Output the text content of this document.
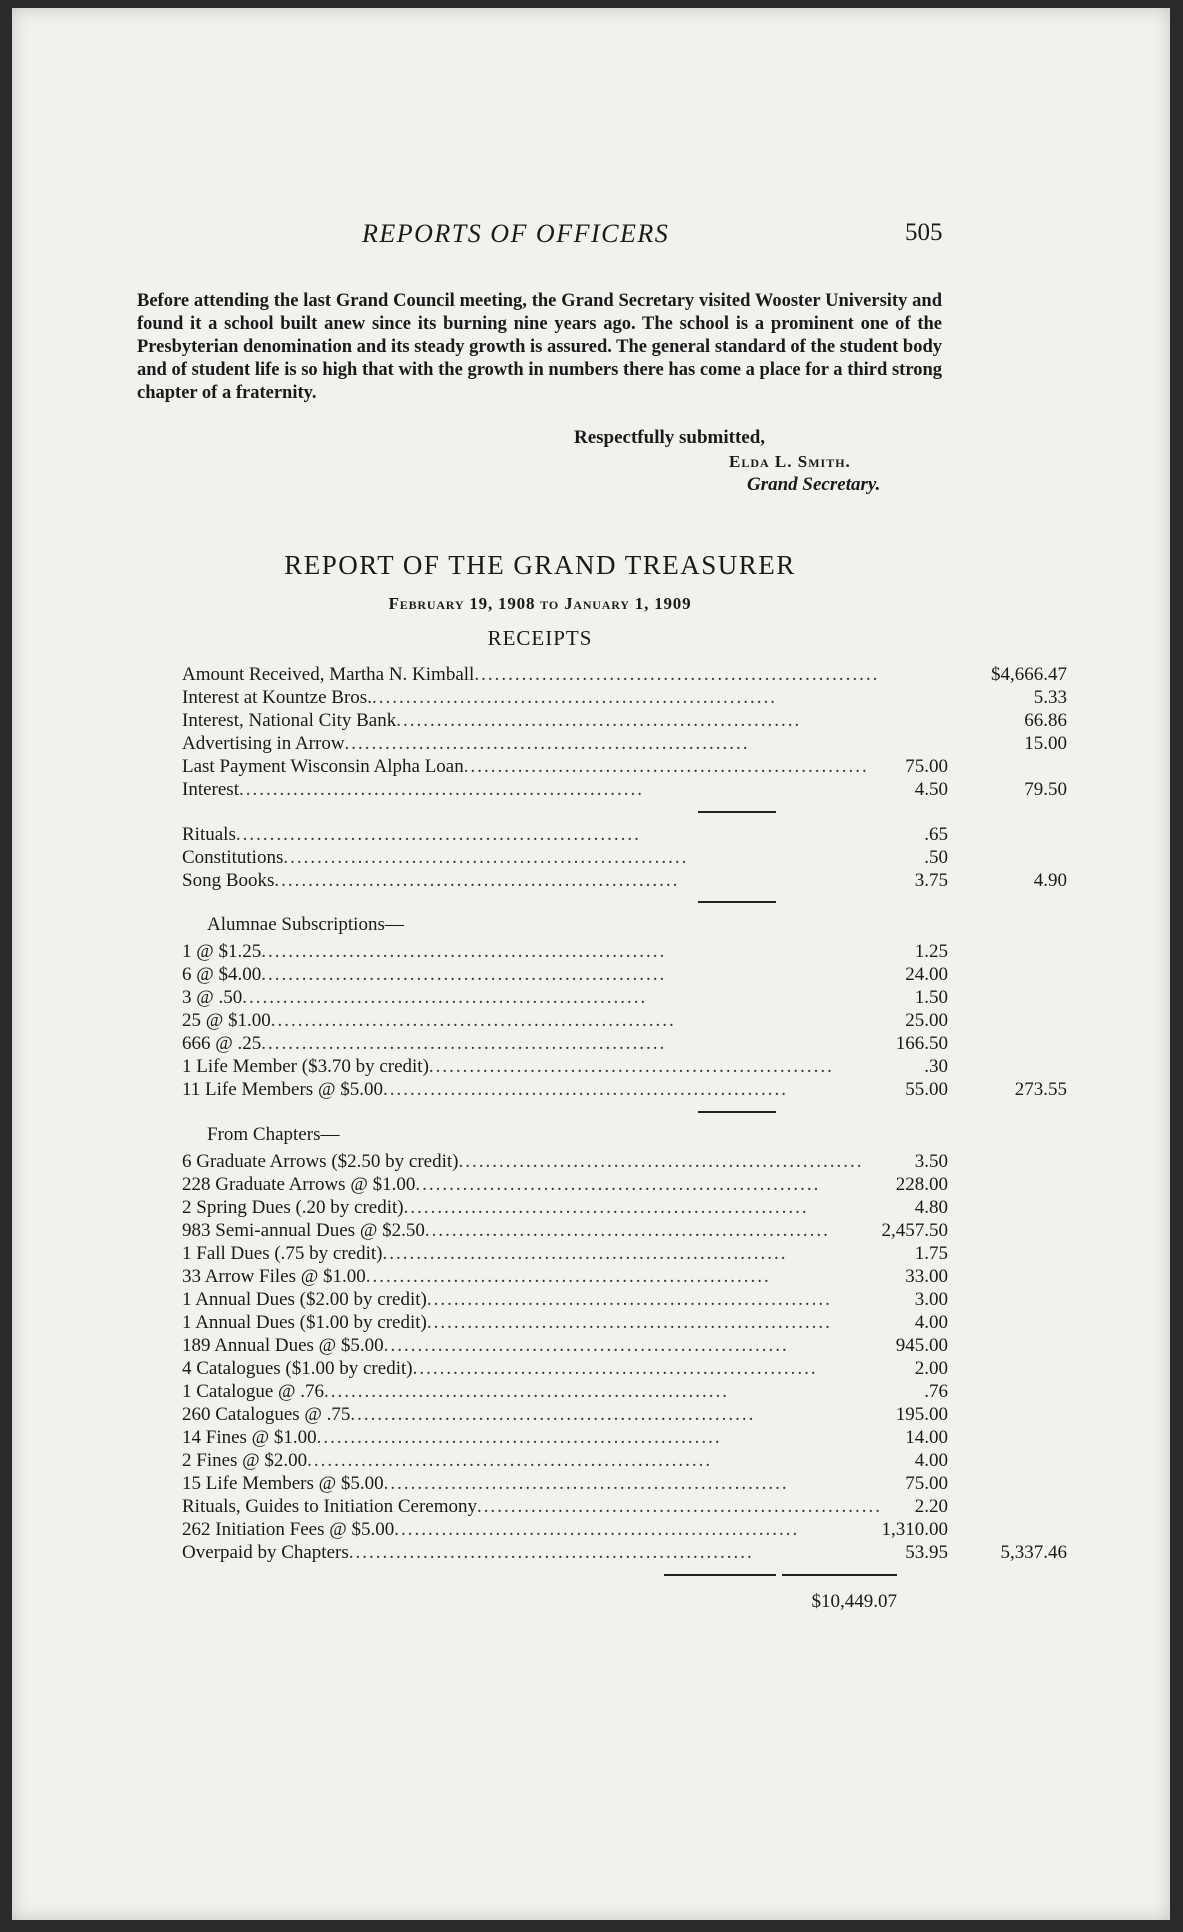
REPORTS OF OFFICERS	505
Before attending the last Grand Council meeting, the Grand Secretary visited Wooster University and found it a school built anew since its burning nine years ago. The school is a prominent one of the Presbyterian denomination and its steady growth is assured. The general standard of the student body and of student life is so high that with the growth in numbers there has come a place for a third strong chapter of a fraternity.
Respectfully submitted,
Elda L. Smith.
Grand Secretary.
REPORT OF THE GRAND TREASURER
February 19, 1908 to January 1, 1909
RECEIPTS
Amount Received, Martha N. Kimball............................................................	$4,666.47
Interest at Kountze Bros.............................................................	5.33
Interest, National City Bank............................................................	66.86
Advertising in Arrow............................................................	15.00
Last Payment Wisconsin Alpha Loan............................................................	75.00
Interest............................................................	4.50	79.50
Rituals............................................................	.65
Constitutions............................................................	.50
Song Books............................................................	3.75	4.90
Alumnae Subscriptions—
1 @ $1.25............................................................	1.25
6 @ $4.00............................................................	24.00
3 @ .50............................................................	1.50
25 @ $1.00............................................................	25.00
666 @ .25............................................................	166.50
1 Life Member ($3.70 by credit)............................................................	.30
11 Life Members @ $5.00............................................................	55.00	273.55
From Chapters—
6 Graduate Arrows ($2.50 by credit)............................................................	3.50
228 Graduate Arrows @ $1.00............................................................	228.00
2 Spring Dues (.20 by credit)............................................................	4.80
983 Semi-annual Dues @ $2.50............................................................	2,457.50
1 Fall Dues (.75 by credit)............................................................	1.75
33 Arrow Files @ $1.00............................................................	33.00
1 Annual Dues ($2.00 by credit)............................................................	3.00
1 Annual Dues ($1.00 by credit)............................................................	4.00
189 Annual Dues @ $5.00............................................................	945.00
4 Catalogues ($1.00 by credit)............................................................	2.00
1 Catalogue @ .76............................................................	.76
260 Catalogues @ .75............................................................	195.00
14 Fines @ $1.00............................................................	14.00
2 Fines @ $2.00............................................................	4.00
15 Life Members @ $5.00............................................................	75.00
Rituals, Guides to Initiation Ceremony............................................................	2.20
262 Initiation Fees @ $5.00............................................................	1,310.00
Overpaid by Chapters............................................................	53.95	5,337.46
$10,449.07
